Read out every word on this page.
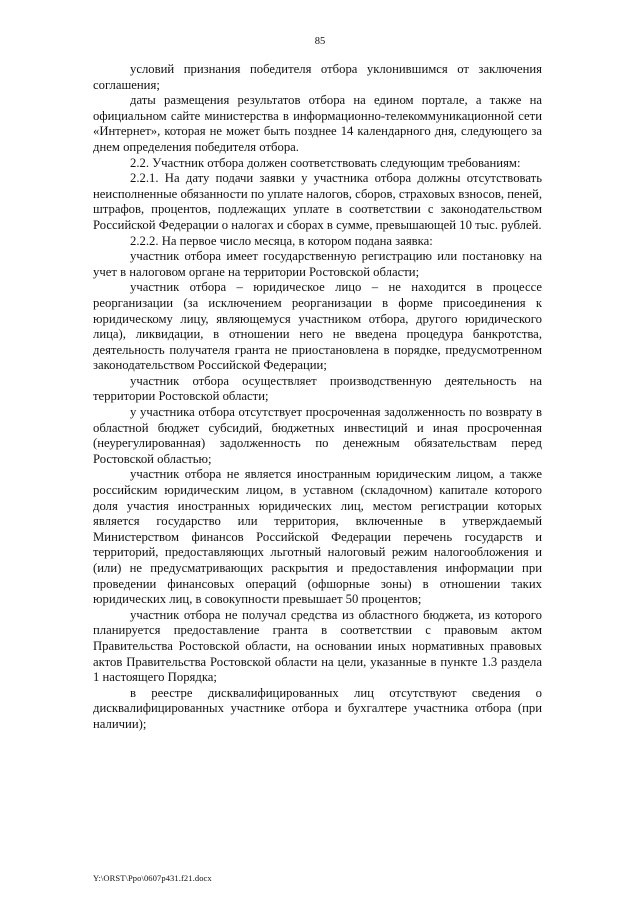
85

условий признания победителя отбора уклонившимся от заключения соглашения;

даты размещения результатов отбора на едином портале, а также на официальном сайте министерства в информационно-телекоммуникационной сети «Интернет», которая не может быть позднее 14 календарного дня, следующего за днем определения победителя отбора.

2.2. Участник отбора должен соответствовать следующим требованиям:

2.2.1. На дату подачи заявки у участника отбора должны отсутствовать неисполненные обязанности по уплате налогов, сборов, страховых взносов, пеней, штрафов, процентов, подлежащих уплате в соответствии с законодательством Российской Федерации о налогах и сборах в сумме, превышающей 10 тыс. рублей.

2.2.2. На первое число месяца, в котором подана заявка:

участник отбора имеет государственную регистрацию или постановку на учет в налоговом органе на территории Ростовской области;

участник отбора – юридическое лицо – не находится в процессе реорганизации (за исключением реорганизации в форме присоединения к юридическому лицу, являющемуся участником отбора, другого юридического лица), ликвидации, в отношении него не введена процедура банкротства, деятельность получателя гранта не приостановлена в порядке, предусмотренном законодательством Российской Федерации;

участник отбора осуществляет производственную деятельность на территории Ростовской области;

у участника отбора отсутствует просроченная задолженность по возврату в областной бюджет субсидий, бюджетных инвестиций и иная просроченная (неурегулированная) задолженность по денежным обязательствам перед Ростовской областью;

участник отбора не является иностранным юридическим лицом, а также российским юридическим лицом, в уставном (складочном) капитале которого доля участия иностранных юридических лиц, местом регистрации которых является государство или территория, включенные в утверждаемый Министерством финансов Российской Федерации перечень государств и территорий, предоставляющих льготный налоговый режим налогообложения и (или) не предусматривающих раскрытия и предоставления информации при проведении финансовых операций (офшорные зоны) в отношении таких юридических лиц, в совокупности превышает 50 процентов;

участник отбора не получал средства из областного бюджета, из которого планируется предоставление гранта в соответствии с правовым актом Правительства Ростовской области, на основании иных нормативных правовых актов Правительства Ростовской области на цели, указанные в пункте 1.3 раздела 1 настоящего Порядка;

в реестре дисквалифицированных лиц отсутствуют сведения о дисквалифицированных участнике отбора и бухгалтере участника отбора (при наличии);

Y:\ORST\Ppo\0607p431.f21.docx
